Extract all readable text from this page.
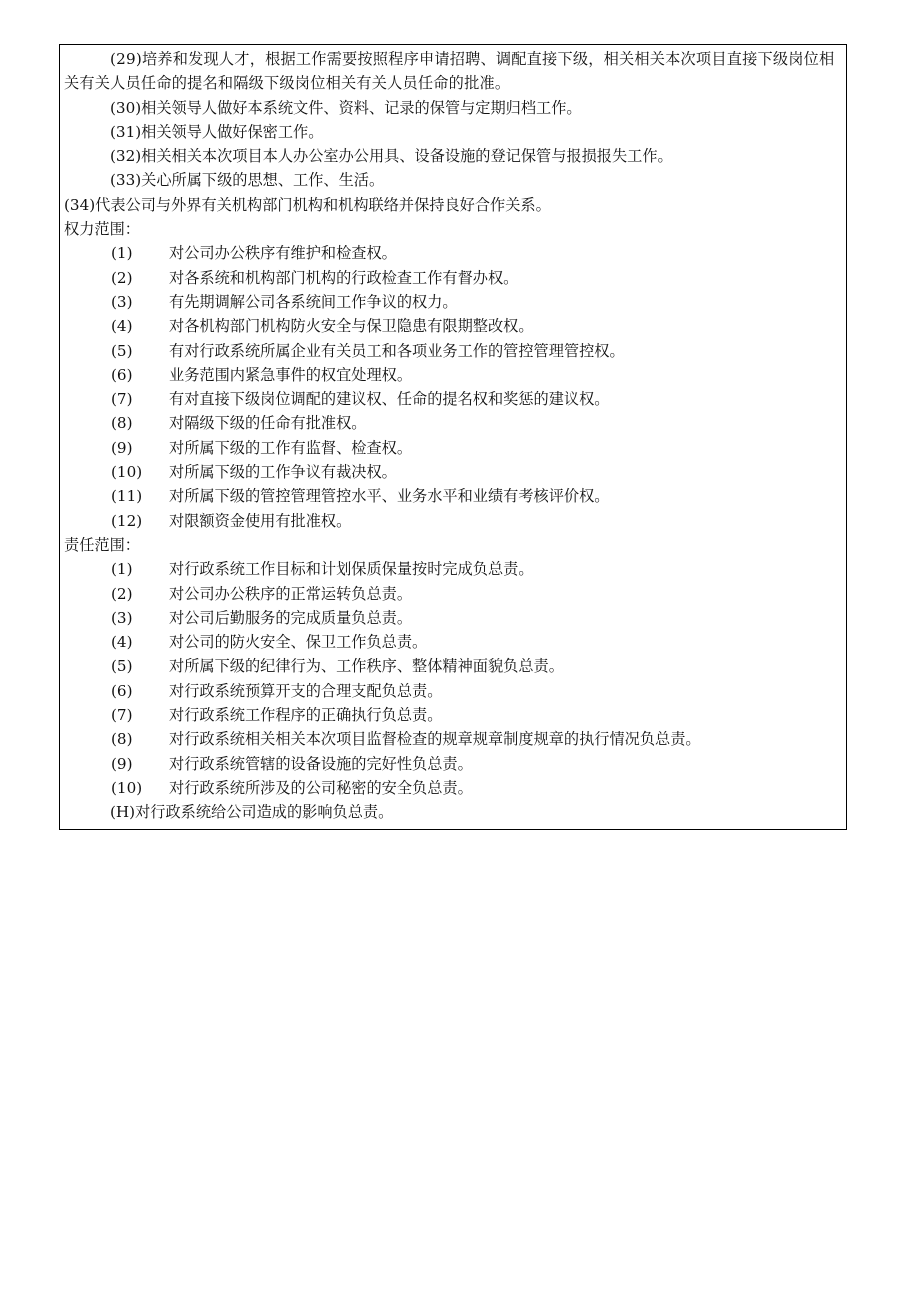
(29)培养和发现人才，根据工作需要按照程序申请招聘、调配直接下级，相关相关本次项目直接下级岗位相关有关人员任命的提名和隔级下级岗位相关有关人员任命的批准。
(30)相关领导人做好本系统文件、资料、记录的保管与定期归档工作。
(31)相关领导人做好保密工作。
(32)相关相关本次项目本人办公室办公用具、设备设施的登记保管与报损报失工作。
(33)关心所属下级的思想、工作、生活。
(34)代表公司与外界有关机构部门机构和机构联络并保持良好合作关系。
权力范围：
(1)	对公司办公秩序有维护和检查权。
(2)	对各系统和机构部门机构的行政检查工作有督办权。
(3)	有先期调解公司各系统间工作争议的权力。
(4)	对各机构部门机构防火安全与保卫隐患有限期整改权。
(5)	有对行政系统所属企业有关员工和各项业务工作的管控管理管控权。
(6)	业务范围内紧急事件的权宜处理权。
(7)	有对直接下级岗位调配的建议权、任命的提名权和奖惩的建议权。
(8)	对隔级下级的任命有批准权。
(9)	对所属下级的工作有监督、检查权。
(10)	对所属下级的工作争议有裁决权。
(11)	对所属下级的管控管理管控水平、业务水平和业绩有考核评价权。
(12)	对限额资金使用有批准权。
责任范围：
(1)	对行政系统工作目标和计划保质保量按时完成负总责。
(2)	对公司办公秩序的正常运转负总责。
(3)	对公司后勤服务的完成质量负总责。
(4)	对公司的防火安全、保卫工作负总责。
(5)	对所属下级的纪律行为、工作秩序、整体精神面貌负总责。
(6)	对行政系统预算开支的合理支配负总责。
(7)	对行政系统工作程序的正确执行负总责。
(8)	对行政系统相关相关本次项目监督检查的规章规章制度规章的执行情况负总责。
(9)	对行政系统管辖的设备设施的完好性负总责。
(10)	对行政系统所涉及的公司秘密的安全负总责。
(H)对行政系统给公司造成的影响负总责。
